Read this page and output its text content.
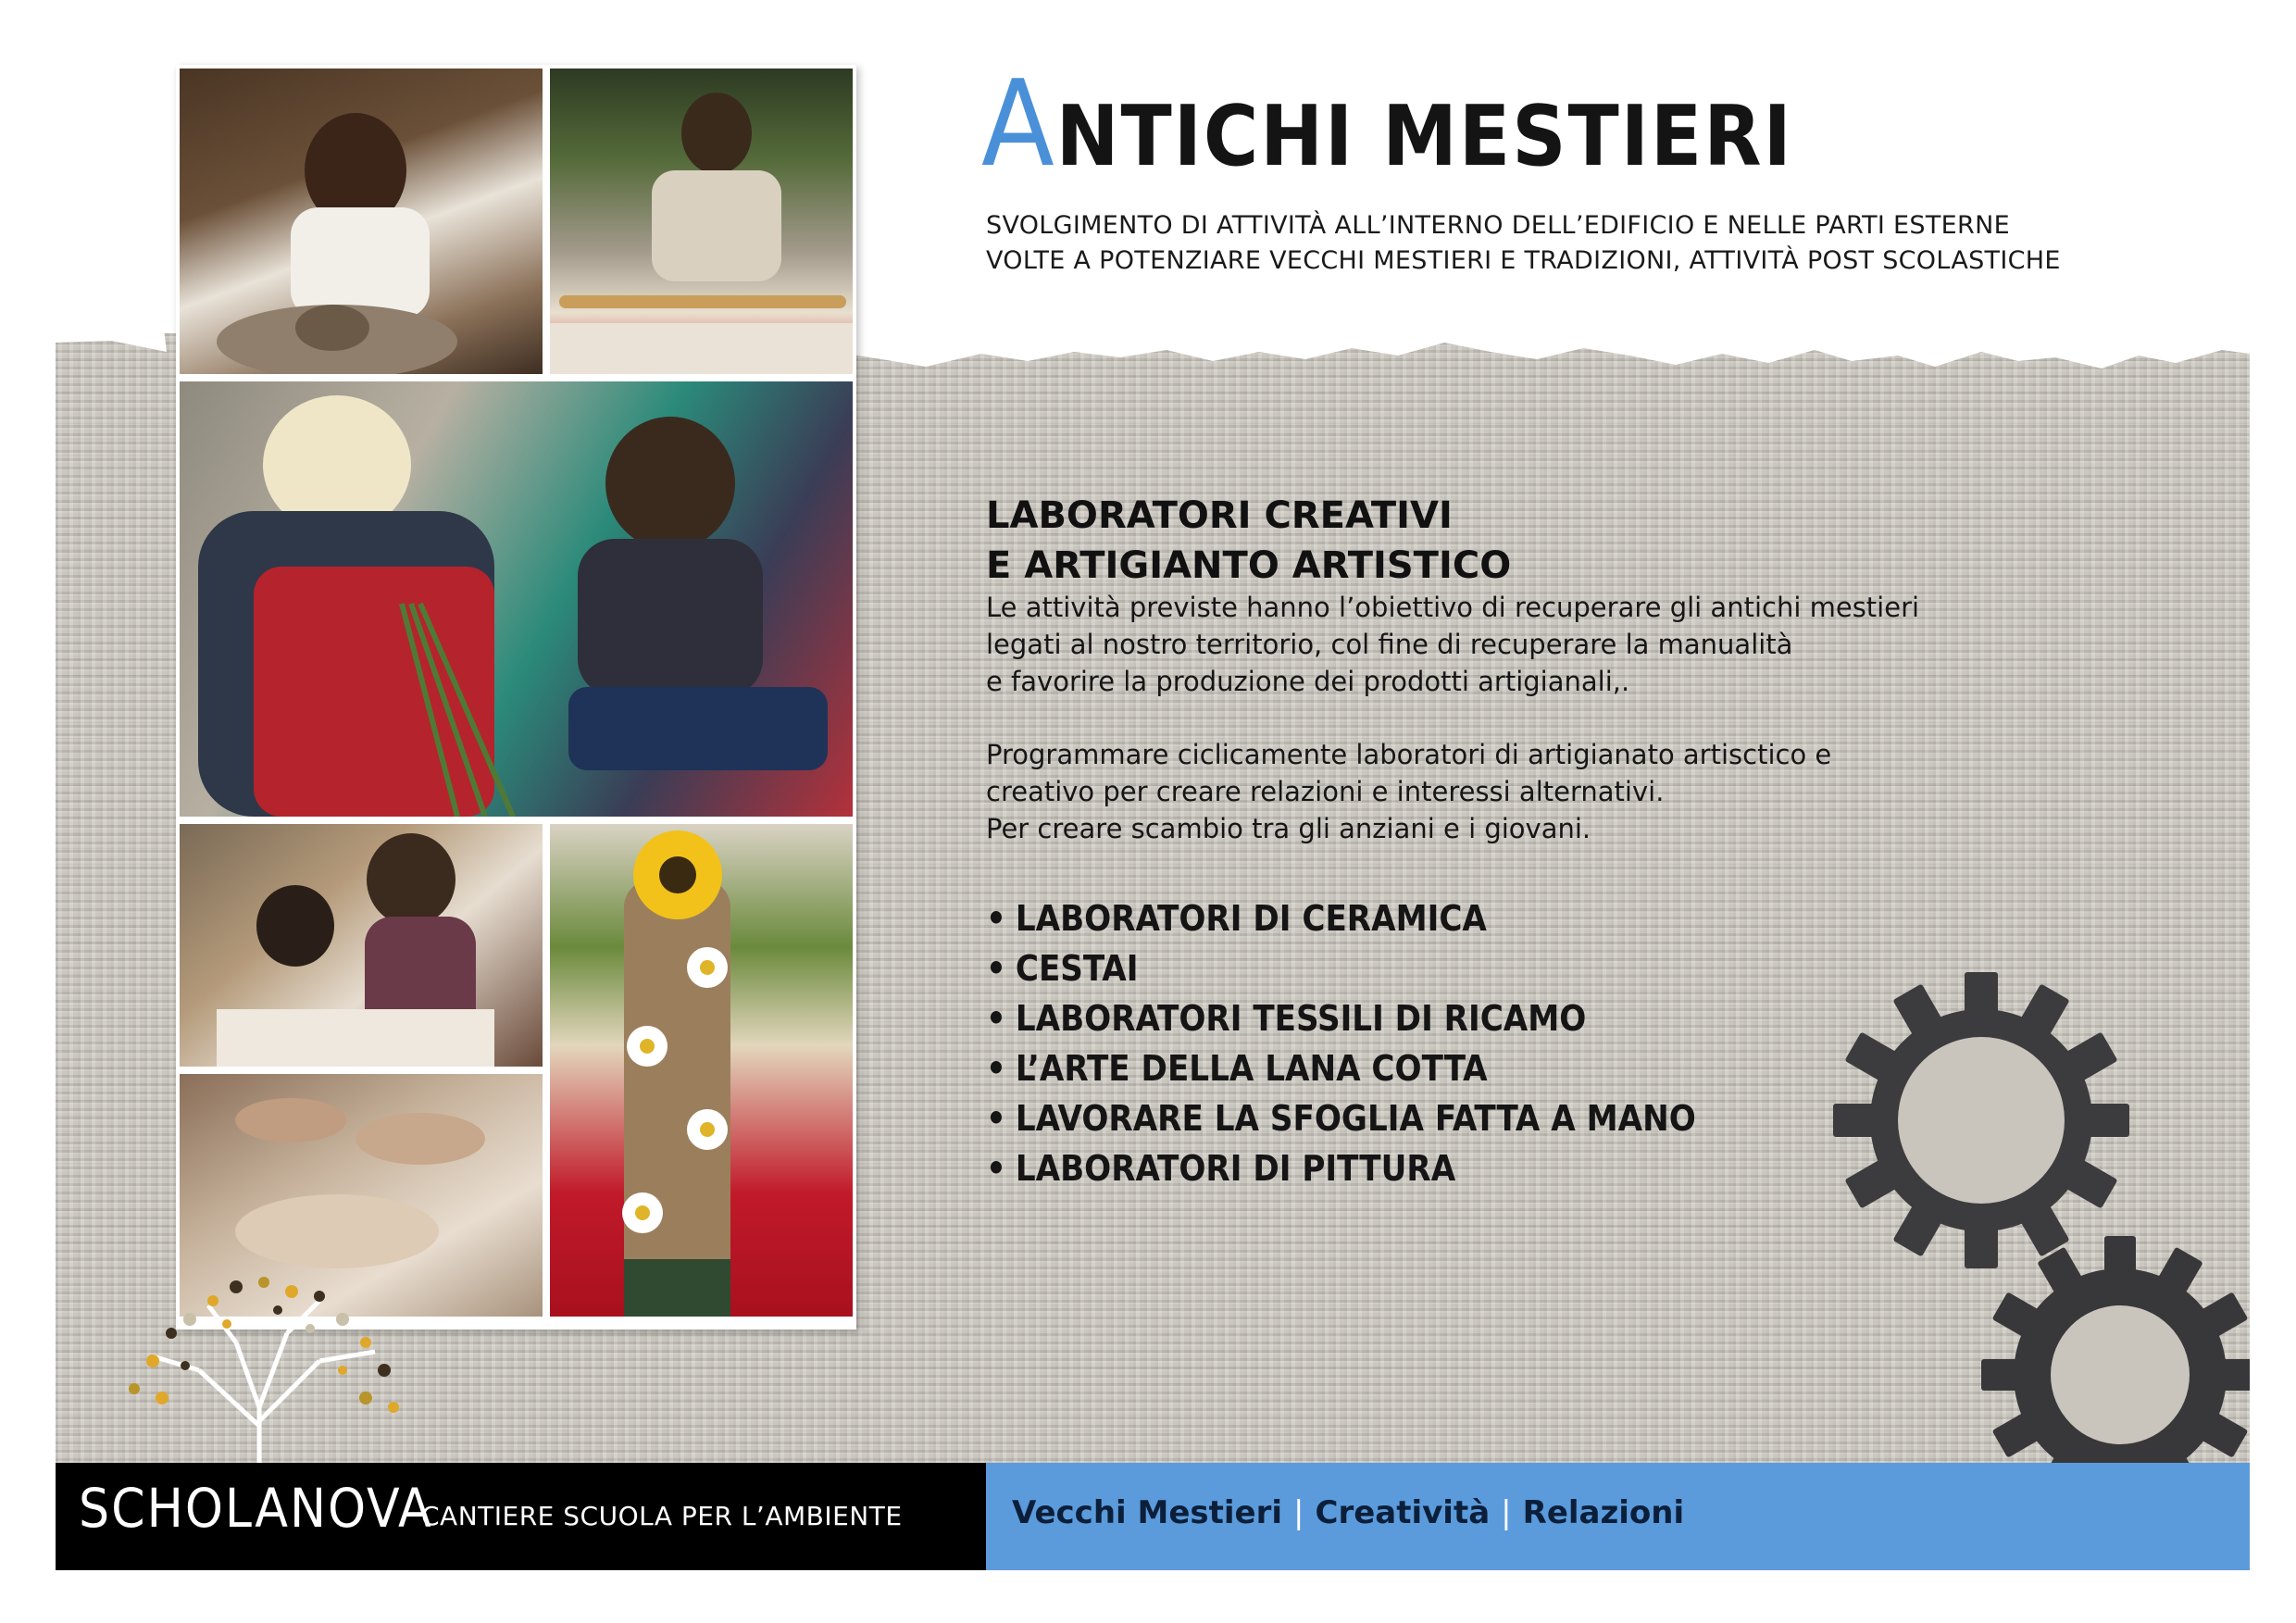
ANTICHI MESTIERI
SVOLGIMENTO DI ATTIVITÀ ALL’INTERNO DELL’EDIFICIO E NELLE PARTI ESTERNE
VOLTE A POTENZIARE VECCHI MESTIERI E TRADIZIONI, ATTIVITÀ POST SCOLASTICHE
LABORATORI CREATIVI
E ARTIGIANTO ARTISTICO
Le attività previste hanno l’obiettivo di recuperare gli antichi mestieri
legati al nostro territorio, col fine di recuperare la manualità
e favorire la produzione dei prodotti artigianali,.
Programmare ciclicamente laboratori di artigianato artisctico e
creativo per creare relazioni e interessi alternativi.
Per creare scambio tra gli anziani e i giovani.
• LABORATORI DI CERAMICA
• CESTAI
• LABORATORI TESSILI DI RICAMO
• L’ARTE DELLA LANA COTTA
• LAVORARE LA SFOGLIA FATTA A MANO
• LABORATORI DI PITTURA
SCHOLANOVA
CANTIERE SCUOLA PER L’AMBIENTE	Vecchi Mestieri | Creatività | Relazioni
